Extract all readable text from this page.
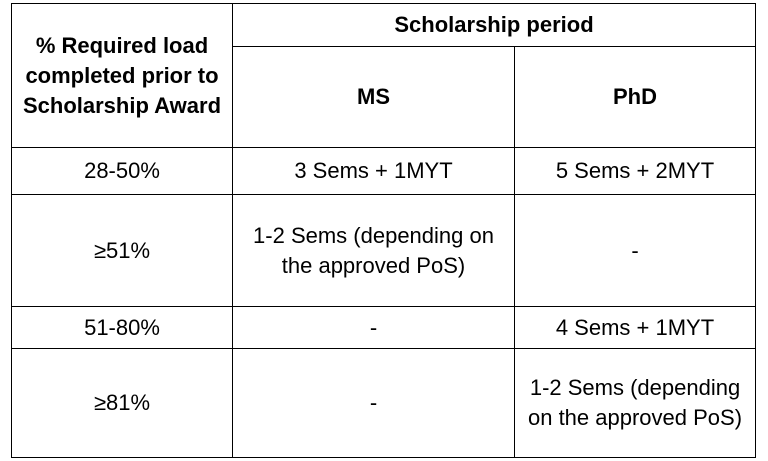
% Required load completed prior to Scholarship Award	Scholarship period	
	MS	PhD
28-50%	3 Sems + 1MYT	5 Sems + 2MYT
≥51%	1-2 Sems (depending on the approved PoS)	-
51-80%	-	4 Sems + 1MYT
≥81%	-	1-2 Sems (depending on the approved PoS)
